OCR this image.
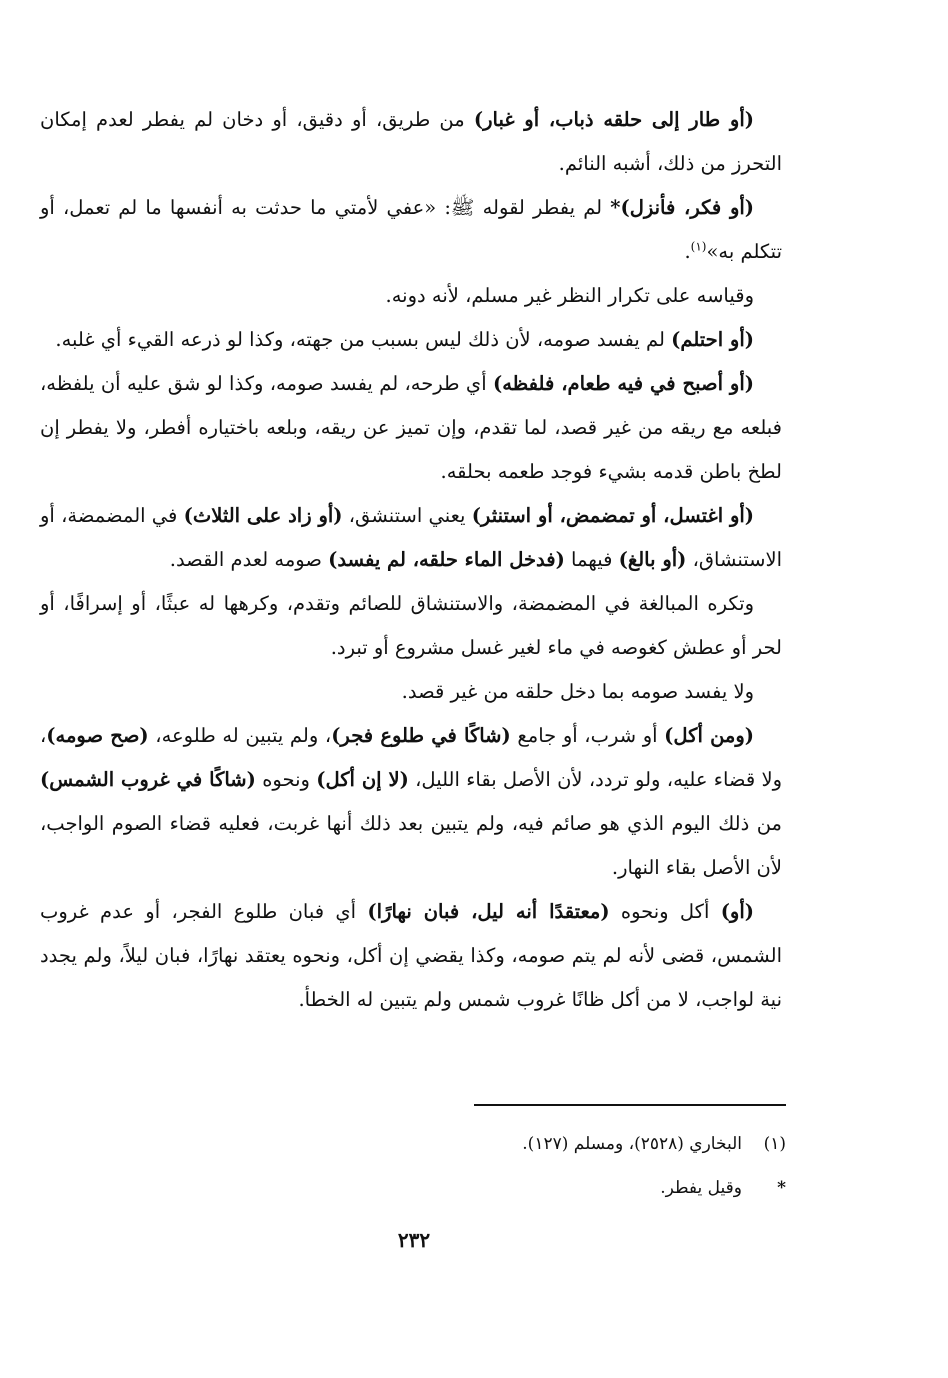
(أو طار إلى حلقه ذباب، أو غبار) من طريق، أو دقيق، أو دخان لم يفطر لعدم إمكان التحرز من ذلك، أشبه النائم.

(أو فكر، فأنزل)* لم يفطر لقوله ﷺ: «عفي لأمتي ما حدثت به أنفسها ما لم تعمل، أو تتكلم به»$^{(١)}$.

وقياسه على تكرار النظر غير مسلم، لأنه دونه.

(أو احتلم) لم يفسد صومه، لأن ذلك ليس بسبب من جهته، وكذا لو ذرعه القيء أي غلبه.

(أو أصبح في فيه طعام، فلفظه) أي طرحه، لم يفسد صومه، وكذا لو شق عليه أن يلفظه، فبلعه مع ريقه من غير قصد، لما تقدم، وإن تميز عن ريقه، وبلعه باختياره أفطر، ولا يفطر إن لطخ باطن قدمه بشيء فوجد طعمه بحلقه.

(أو اغتسل، أو تمضمض، أو استنثر) يعني استنشق، (أو زاد على الثلاث) في المضمضة، أو الاستنشاق، (أو بالغ) فيهما (فدخل الماء حلقه، لم يفسد) صومه لعدم القصد.

وتكره المبالغة في المضمضة، والاستنشاق للصائم وتقدم، وكرهها له عبثًا، أو إسرافًا، أو لحر أو عطش كغوصه في ماء لغير غسل مشروع أو تبرد.

ولا يفسد صومه بما دخل حلقه من غير قصد.

(ومن أكل) أو شرب، أو جامع (شاكًا في طلوع فجر)، ولم يتبين له طلوعه، (صح صومه)، ولا قضاء عليه، ولو تردد، لأن الأصل بقاء الليل، (لا إن أكل) ونحوه (شاكًا في غروب الشمس) من ذلك اليوم الذي هو صائم فيه، ولم يتبين بعد ذلك أنها غربت، فعليه قضاء الصوم الواجب، لأن الأصل بقاء النهار.

(أو) أكل ونحوه (معتقدًا أنه ليل، فبان نهارًا) أي فبان طلوع الفجر، أو عدم غروب الشمس، قضى لأنه لم يتم صومه، وكذا يقضي إن أكل، ونحوه يعتقد نهارًا، فبان ليلاً، ولم يجدد نية لواجب، لا من أكل ظانًا غروب شمس ولم يتبين له الخطأ.

(١)
البخاري (٢٥٢٨)، ومسلم (١٢٧).
*
وقيل يفطر.
٢٣٢
